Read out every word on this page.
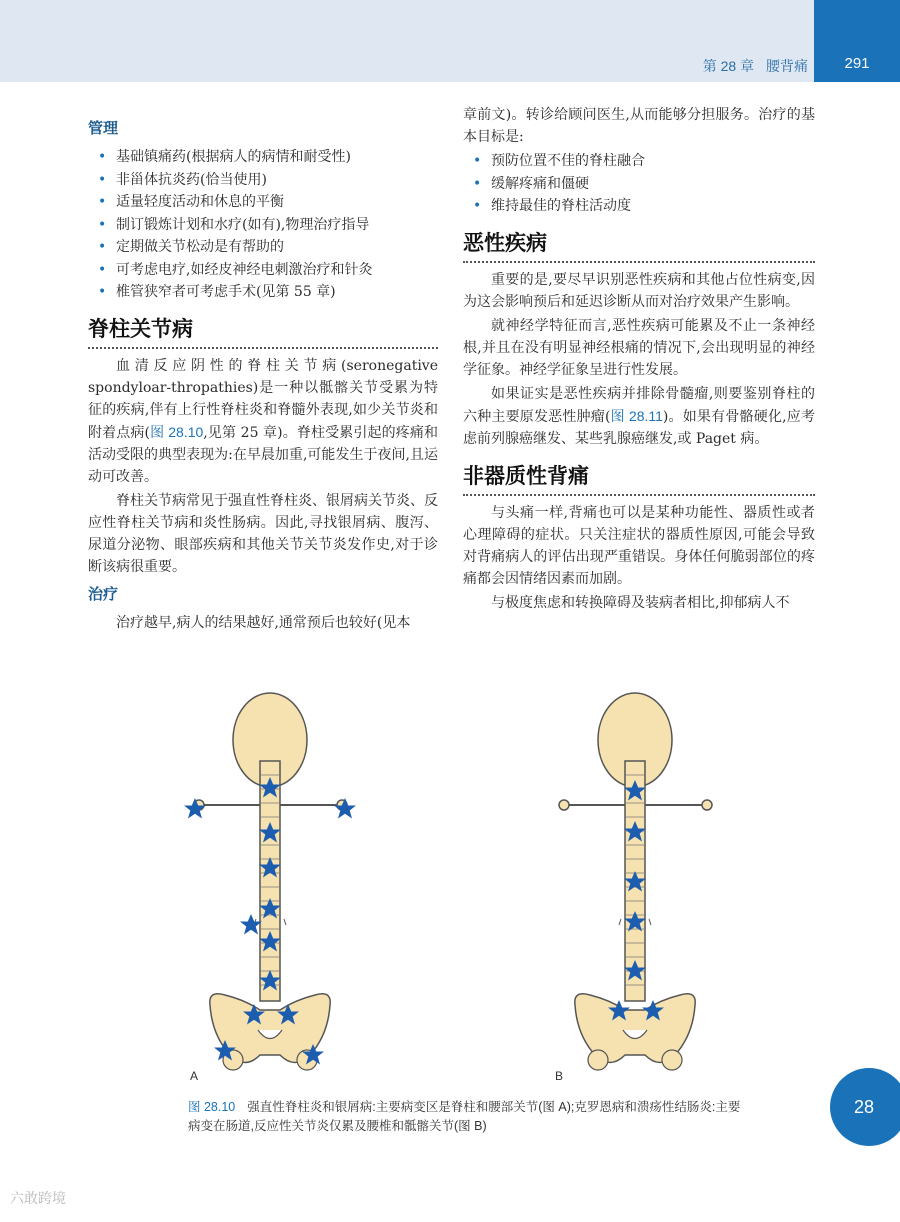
第 28 章 腰背痛	291
管理
• 基础镇痛药(根据病人的病情和耐受性)
• 非甾体抗炎药(恰当使用)
• 适量轻度活动和休息的平衡
• 制订锻炼计划和水疗(如有),物理治疗指导
• 定期做关节松动是有帮助的
• 可考虑电疗,如经皮神经电刺激治疗和针灸
• 椎管狭窄者可考虑手术(见第 55 章)
脊柱关节病

血清反应阴性的脊柱关节病(seronegative spondyloar-thropathies)是一种以骶髂关节受累为特征的疾病,伴有上行性脊柱炎和脊髓外表现,如少关节炎和附着点病(图 28.10,见第 25 章)。脊柱受累引起的疼痛和活动受限的典型表现为:在早晨加重,可能发生于夜间,且运动可改善。

脊柱关节病常见于强直性脊柱炎、银屑病关节炎、反应性脊柱关节病和炎性肠病。因此,寻找银屑病、腹泻、尿道分泌物、眼部疾病和其他关节关节炎发作史,对于诊断该病很重要。

治疗

治疗越早,病人的结果越好,通常预后也较好(见本

章前文)。转诊给顾问医生,从而能够分担服务。治疗的基本目标是:

• 预防位置不佳的脊柱融合
• 缓解疼痛和僵硬
• 维持最佳的脊柱活动度
恶性疾病

重要的是,要尽早识别恶性疾病和其他占位性病变,因为这会影响预后和延迟诊断从而对治疗效果产生影响。

就神经学特征而言,恶性疾病可能累及不止一条神经根,并且在没有明显神经根痛的情况下,会出现明显的神经学征象。神经学征象呈进行性发展。

如果证实是恶性疾病并排除骨髓瘤,则要鉴别脊柱的六种主要原发恶性肿瘤(图 28.11)。如果有骨骼硬化,应考虑前列腺癌继发、某些乳腺癌继发,或 Paget 病。

非器质性背痛

与头痛一样,背痛也可以是某种功能性、器质性或者心理障碍的症状。只关注症状的器质性原因,可能会导致对背痛病人的评估出现严重错误。身体任何脆弱部位的疼痛都会因情绪因素而加剧。

与极度焦虑和转换障碍及装病者相比,抑郁病人不

A	B
图 28.10 强直性脊柱炎和银屑病:主要病变区是脊柱和腰部关节(图 A);克罗恩病和溃疡性结肠炎:主要病变在肠道,反应性关节炎仅累及腰椎和骶髂关节(图 B)
28
六敢跨境
